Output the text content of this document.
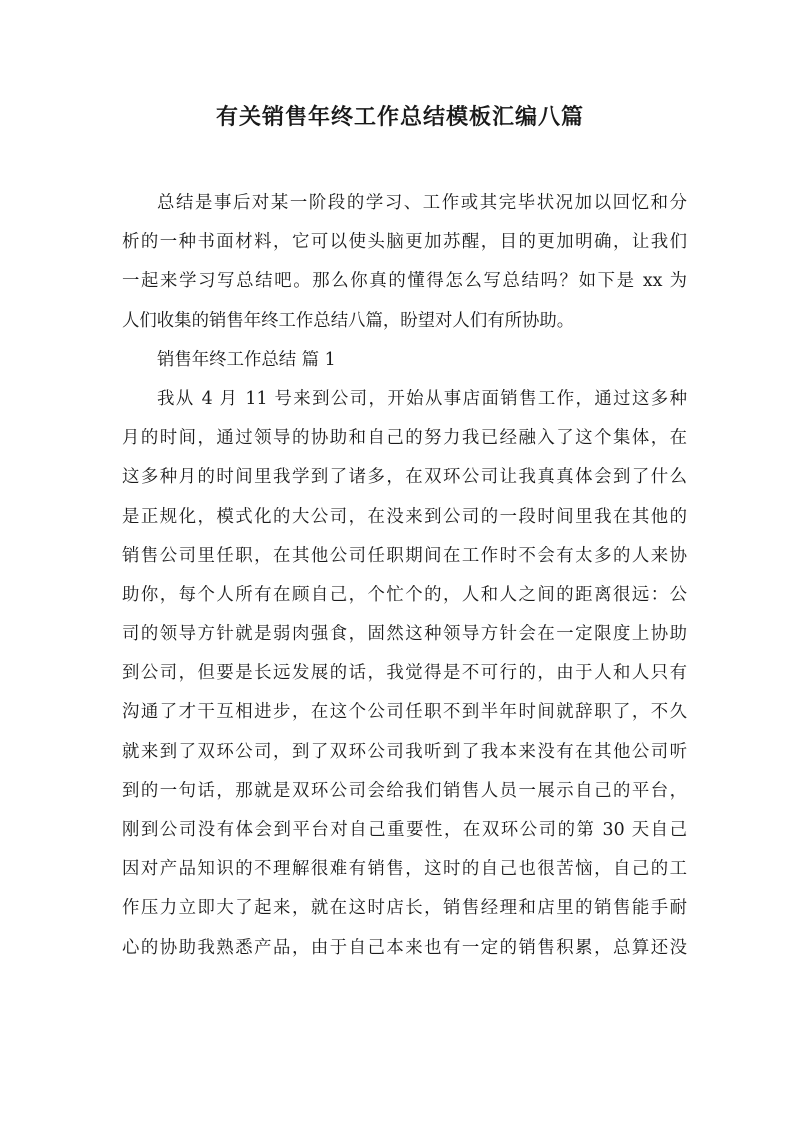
有关销售年终工作总结模板汇编八篇
总结是事后对某一阶段的学习、工作或其完毕状况加以回忆和分
析的一种书面材料，它可以使头脑更加苏醒，目的更加明确，让我们
一起来学习写总结吧。那么你真的懂得怎么写总结吗？如下是 xx 为
人们收集的销售年终工作总结八篇，盼望对人们有所协助。
销售年终工作总结 篇 1
我从 4 月 11 号来到公司，开始从事店面销售工作，通过这多种
月的时间，通过领导的协助和自己的努力我已经融入了这个集体，在
这多种月的时间里我学到了诸多，在双环公司让我真真体会到了什么
是正规化，模式化的大公司，在没来到公司的一段时间里我在其他的
销售公司里任职，在其他公司任职期间在工作时不会有太多的人来协
助你，每个人所有在顾自己，个忙个的，人和人之间的距离很远：公
司的领导方针就是弱肉强食，固然这种领导方针会在一定限度上协助
到公司，但要是长远发展的话，我觉得是不可行的，由于人和人只有
沟通了才干互相进步，在这个公司任职不到半年时间就辞职了，不久
就来到了双环公司，到了双环公司我听到了我本来没有在其他公司听
到的一句话，那就是双环公司会给我们销售人员一展示自己的平台，
刚到公司没有体会到平台对自己重要性，在双环公司的第 30 天自己
因对产品知识的不理解很难有销售，这时的自己也很苦恼，自己的工
作压力立即大了起来，就在这时店长，销售经理和店里的销售能手耐
心的协助我熟悉产品，由于自己本来也有一定的销售积累，总算还没
